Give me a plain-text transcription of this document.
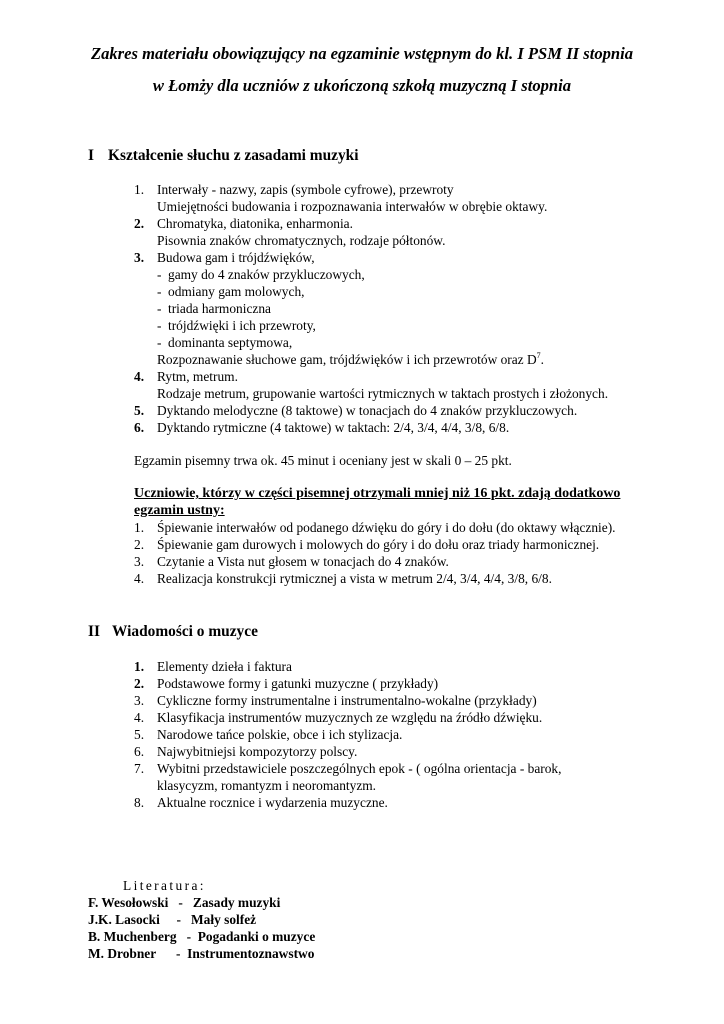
Zakres materiału obowiązujący na egzaminie wstępnym do kl. I PSM II stopnia
w Łomży dla uczniów z ukończoną szkołą muzyczną I stopnia
I Kształcenie słuchu z zasadami muzyki
1. Interwały - nazwy, zapis (symbole cyfrowe), przewroty
Umiejętności budowania i rozpoznawania interwałów w obrębie oktawy.
2. Chromatyka, diatonika, enharmonia.
Pisownia znaków chromatycznych, rodzaje półtonów.
3. Budowa gam i trójdźwięków,
- gamy do 4 znaków przykluczowych,
- odmiany gam molowych,
- triada harmoniczna
- trójdźwięki i ich przewroty,
- dominanta septymowa,
Rozpoznawanie słuchowe gam, trójdźwięków i ich przewrotów oraz $D^7$.
4. Rytm, metrum.
Rodzaje metrum, grupowanie wartości rytmicznych w taktach prostych i złożonych.
5. Dyktando melodyczne (8 taktowe) w tonacjach do 4 znaków przykluczowych.
6. Dyktando rytmiczne (4 taktowe) w taktach: 2/4, 3/4, 4/4, 3/8, 6/8.
Egzamin pisemny trwa ok. 45 minut i oceniany jest w skali 0 – 25 pkt.
Uczniowie, którzy w części pisemnej otrzymali mniej niż 16 pkt. zdają dodatkowo egzamin ustny:
1. Śpiewanie interwałów od podanego dźwięku do góry i do dołu (do oktawy włącznie).
2. Śpiewanie gam durowych i molowych do góry i do dołu oraz triady harmonicznej.
3. Czytanie a Vista nut głosem w tonacjach do 4 znaków.
4. Realizacja konstrukcji rytmicznej a vista w metrum 2/4, 3/4, 4/4, 3/8, 6/8.
II Wiadomości o muzyce
1. Elementy dzieła i faktura
2. Podstawowe formy i gatunki muzyczne ( przykłady)
3. Cykliczne formy instrumentalne i instrumentalno-wokalne (przykłady)
4. Klasyfikacja instrumentów muzycznych ze względu na źródło dźwięku.
5. Narodowe tańce polskie, obce i ich stylizacja.
6. Najwybitniejsi kompozytorzy polscy.
7. Wybitni przedstawiciele poszczególnych epok - ( ogólna orientacja - barok,
klasycyzm, romantyzm i neoromantyzm.
8. Aktualne rocznice i wydarzenia muzyczne.
Literatura:
F. Wesołowski   -   Zasady muzyki
J.K. Lasocki     -   Mały solfeż
B. Muchenberg   -  Pogadanki o muzyce
M. Drobner      -  Instrumentoznawstwo
